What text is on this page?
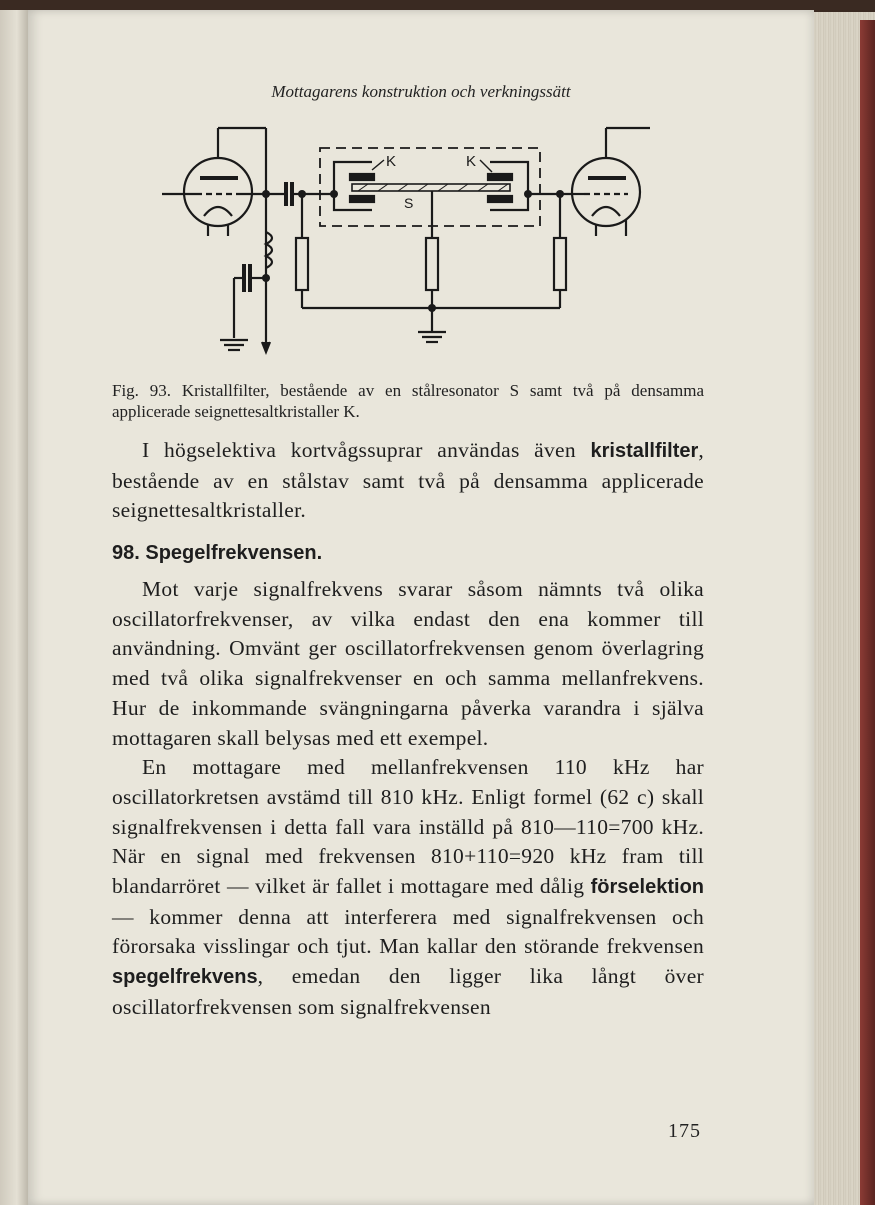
Mottagarens konstruktion och verkningssätt
K	K
S
Fig. 93. Kristallfilter, bestående av en stålresonator S samt två på densamma applicerade seignettesaltkristaller K.

I högselektiva kortvågssuprar användas även kristallfilter, bestående av en stålstav samt två på densamma applicerade seignettesaltkristaller.

98. Spegelfrekvensen.

Mot varje signalfrekvens svarar såsom nämnts två olika oscillatorfrekvenser, av vilka endast den ena kommer till användning. Omvänt ger oscillatorfrekvensen genom överlagring med två olika signalfrekvenser en och samma mellanfrekvens. Hur de inkommande svängningarna påverka varandra i själva mottagaren skall belysas med ett exempel.

En mottagare med mellanfrekvensen 110 kHz har oscillatorkretsen avstämd till 810 kHz. Enligt formel (62 c) skall signalfrekvensen i detta fall vara inställd på 810—110=700 kHz. När en signal med frekvensen 810+110=920 kHz fram till blandarröret — vilket är fallet i mottagare med dålig förselektion — kommer denna att interferera med signalfrekvensen och förorsaka visslingar och tjut. Man kallar den störande frekvensen spegelfrekvens, emedan den ligger lika långt över oscillatorfrekvensen som signalfrekvensen

175
